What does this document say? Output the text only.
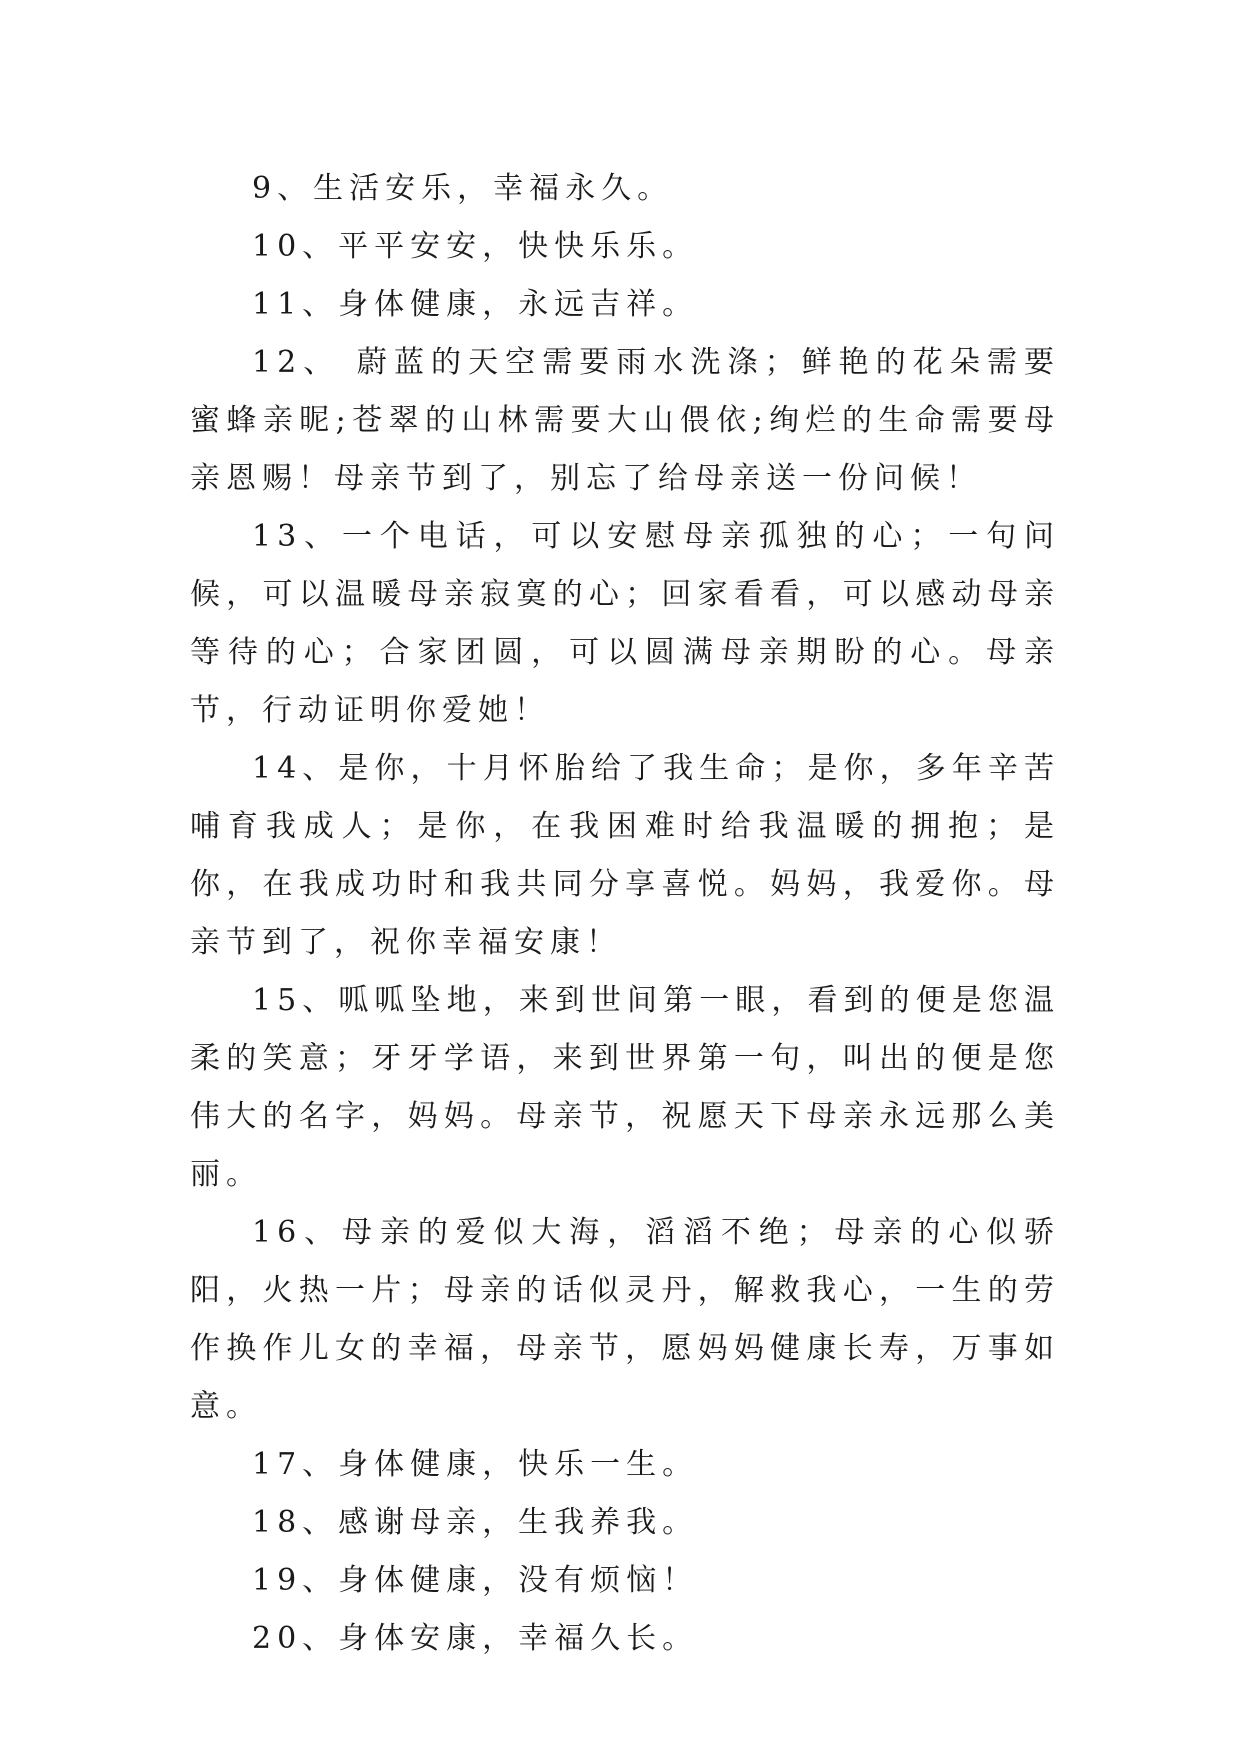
9、生活安乐，幸福永久。

10、平平安安，快快乐乐。

11、身体健康，永远吉祥。

12、 蔚蓝的天空需要雨水洗涤；鲜艳的花朵需要蜜蜂亲昵;苍翠的山林需要大山偎依;绚烂的生命需要母亲恩赐！母亲节到了，别忘了给母亲送一份问候！

13、一个电话，可以安慰母亲孤独的心；一句问候，可以温暖母亲寂寞的心；回家看看，可以感动母亲等待的心；合家团圆，可以圆满母亲期盼的心。母亲节，行动证明你爱她！

14、是你，十月怀胎给了我生命；是你，多年辛苦哺育我成人；是你，在我困难时给我温暖的拥抱；是你，在我成功时和我共同分享喜悦。妈妈，我爱你。母亲节到了，祝你幸福安康！

15、呱呱坠地，来到世间第一眼，看到的便是您温柔的笑意；牙牙学语，来到世界第一句，叫出的便是您伟大的名字，妈妈。母亲节，祝愿天下母亲永远那么美丽。

16、母亲的爱似大海，滔滔不绝；母亲的心似骄阳，火热一片；母亲的话似灵丹，解救我心，一生的劳作换作儿女的幸福，母亲节，愿妈妈健康长寿，万事如意。

17、身体健康，快乐一生。

18、感谢母亲，生我养我。

19、身体健康，没有烦恼！

20、身体安康，幸福久长。
